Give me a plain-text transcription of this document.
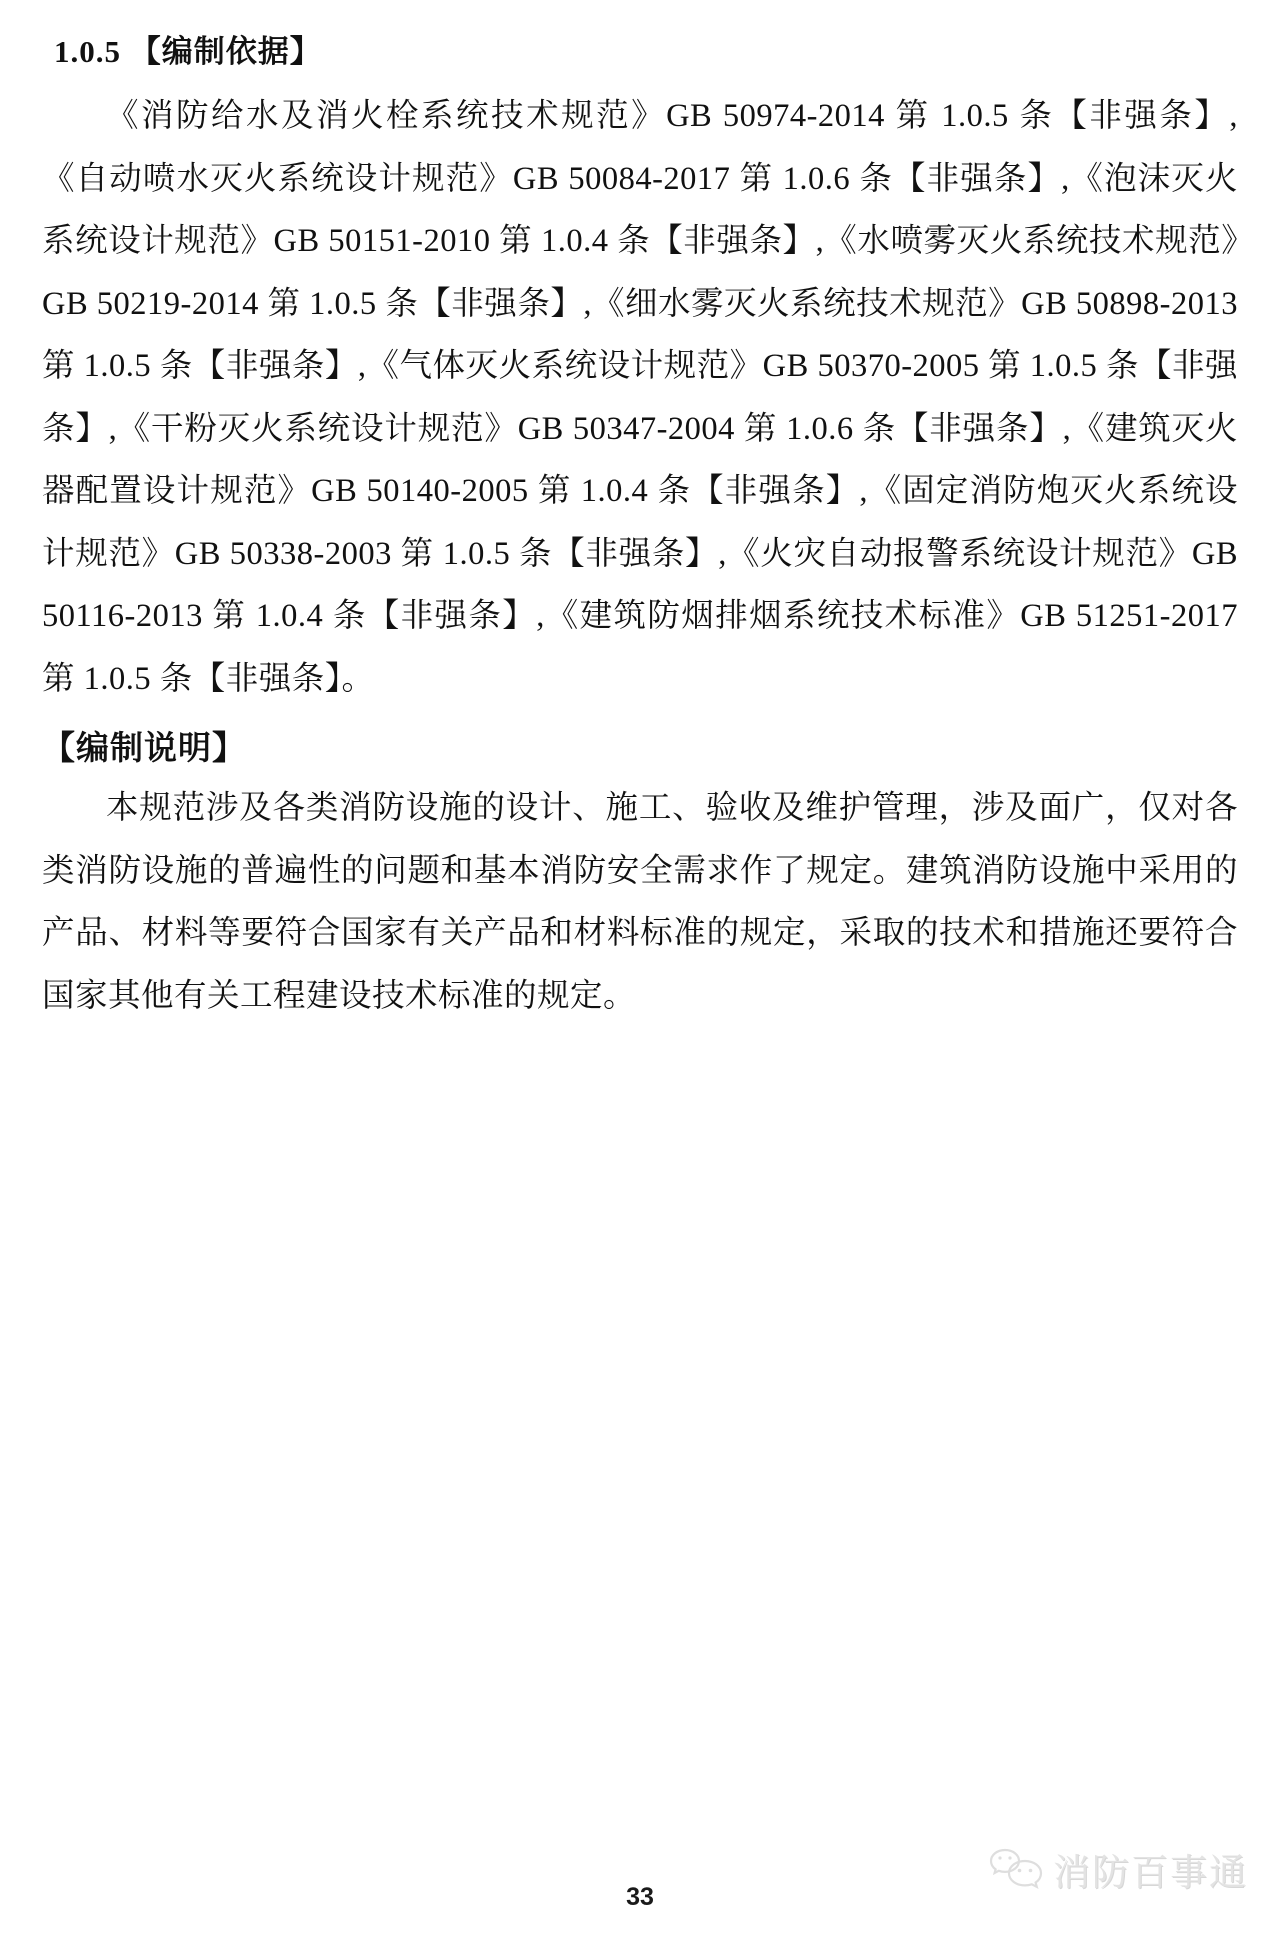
1.0.5 【编制依据】

《消防给水及消火栓系统技术规范》GB 50974-2014 第 1.0.5 条【非强条】,《自动喷水灭火系统设计规范》GB 50084-2017 第 1.0.6 条【非强条】,《泡沫灭火系统设计规范》GB 50151-2010 第 1.0.4 条【非强条】,《水喷雾灭火系统技术规范》GB 50219-2014 第 1.0.5 条【非强条】,《细水雾灭火系统技术规范》GB 50898-2013 第 1.0.5 条【非强条】,《气体灭火系统设计规范》GB 50370-2005 第 1.0.5 条【非强条】,《干粉灭火系统设计规范》GB 50347-2004 第 1.0.6 条【非强条】,《建筑灭火器配置设计规范》GB 50140-2005 第 1.0.4 条【非强条】,《固定消防炮灭火系统设计规范》GB 50338-2003 第 1.0.5 条【非强条】,《火灾自动报警系统设计规范》GB 50116-2013 第 1.0.4 条【非强条】,《建筑防烟排烟系统技术标准》GB 51251-2017 第 1.0.5 条【非强条】。

【编制说明】

本规范涉及各类消防设施的设计、施工、验收及维护管理，涉及面广，仅对各类消防设施的普遍性的问题和基本消防安全需求作了规定。建筑消防设施中采用的产品、材料等要符合国家有关产品和材料标准的规定，采取的技术和措施还要符合国家其他有关工程建设技术标准的规定。

33
消防百事通
